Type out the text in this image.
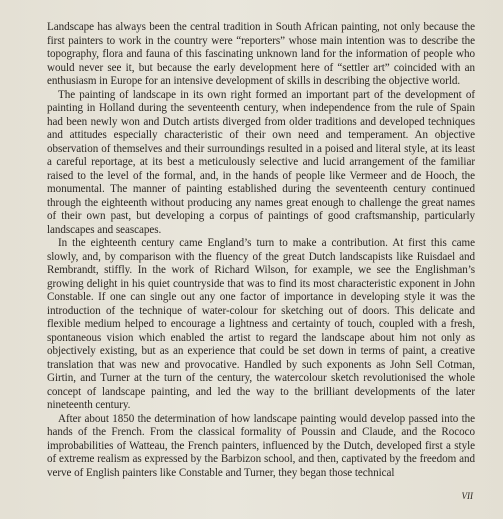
Landscape has always been the central tradition in South African painting, not only because the first painters to work in the country were “reporters” whose main intention was to describe the topography, flora and fauna of this fascinating unknown land for the information of people who would never see it, but because the early development here of “settler art” coincided with an enthusiasm in Europe for an intensive development of skills in describing the objective world.

The painting of landscape in its own right formed an important part of the development of painting in Holland during the seventeenth century, when independence from the rule of Spain had been newly won and Dutch artists diverged from older traditions and developed techniques and attitudes especially characteristic of their own need and temperament. An objective observation of themselves and their surroundings resulted in a poised and literal style, at its least a careful reportage, at its best a meticulously selective and lucid arrangement of the familiar raised to the level of the formal, and, in the hands of people like Vermeer and de Hooch, the monumental. The manner of painting established during the seventeenth century continued through the eighteenth without producing any names great enough to challenge the great names of their own past, but developing a corpus of paintings of good craftsmanship, particularly landscapes and seascapes.

In the eighteenth century came England’s turn to make a contribution. At first this came slowly, and, by comparison with the fluency of the great Dutch landscapists like Ruisdael and Rembrandt, stiffly. In the work of Richard Wilson, for example, we see the Englishman’s growing delight in his quiet countryside that was to find its most characteristic exponent in John Constable. If one can single out any one factor of importance in developing style it was the introduction of the technique of water-colour for sketching out of doors. This delicate and flexible medium helped to encourage a lightness and certainty of touch, coupled with a fresh, spontaneous vision which enabled the artist to regard the landscape about him not only as objectively existing, but as an experience that could be set down in terms of paint, a creative translation that was new and provocative. Handled by such exponents as John Sell Cotman, Girtin, and Turner at the turn of the century, the watercolour sketch revolutionised the whole concept of landscape painting, and led the way to the brilliant developments of the later nineteenth century.

After about 1850 the determination of how landscape painting would develop passed into the hands of the French. From the classical formality of Poussin and Claude, and the Rococo improbabilities of Watteau, the French painters, influenced by the Dutch, developed first a style of extreme realism as expressed by the Barbizon school, and then, captivated by the freedom and verve of English painters like Constable and Turner, they began those technical

VII
